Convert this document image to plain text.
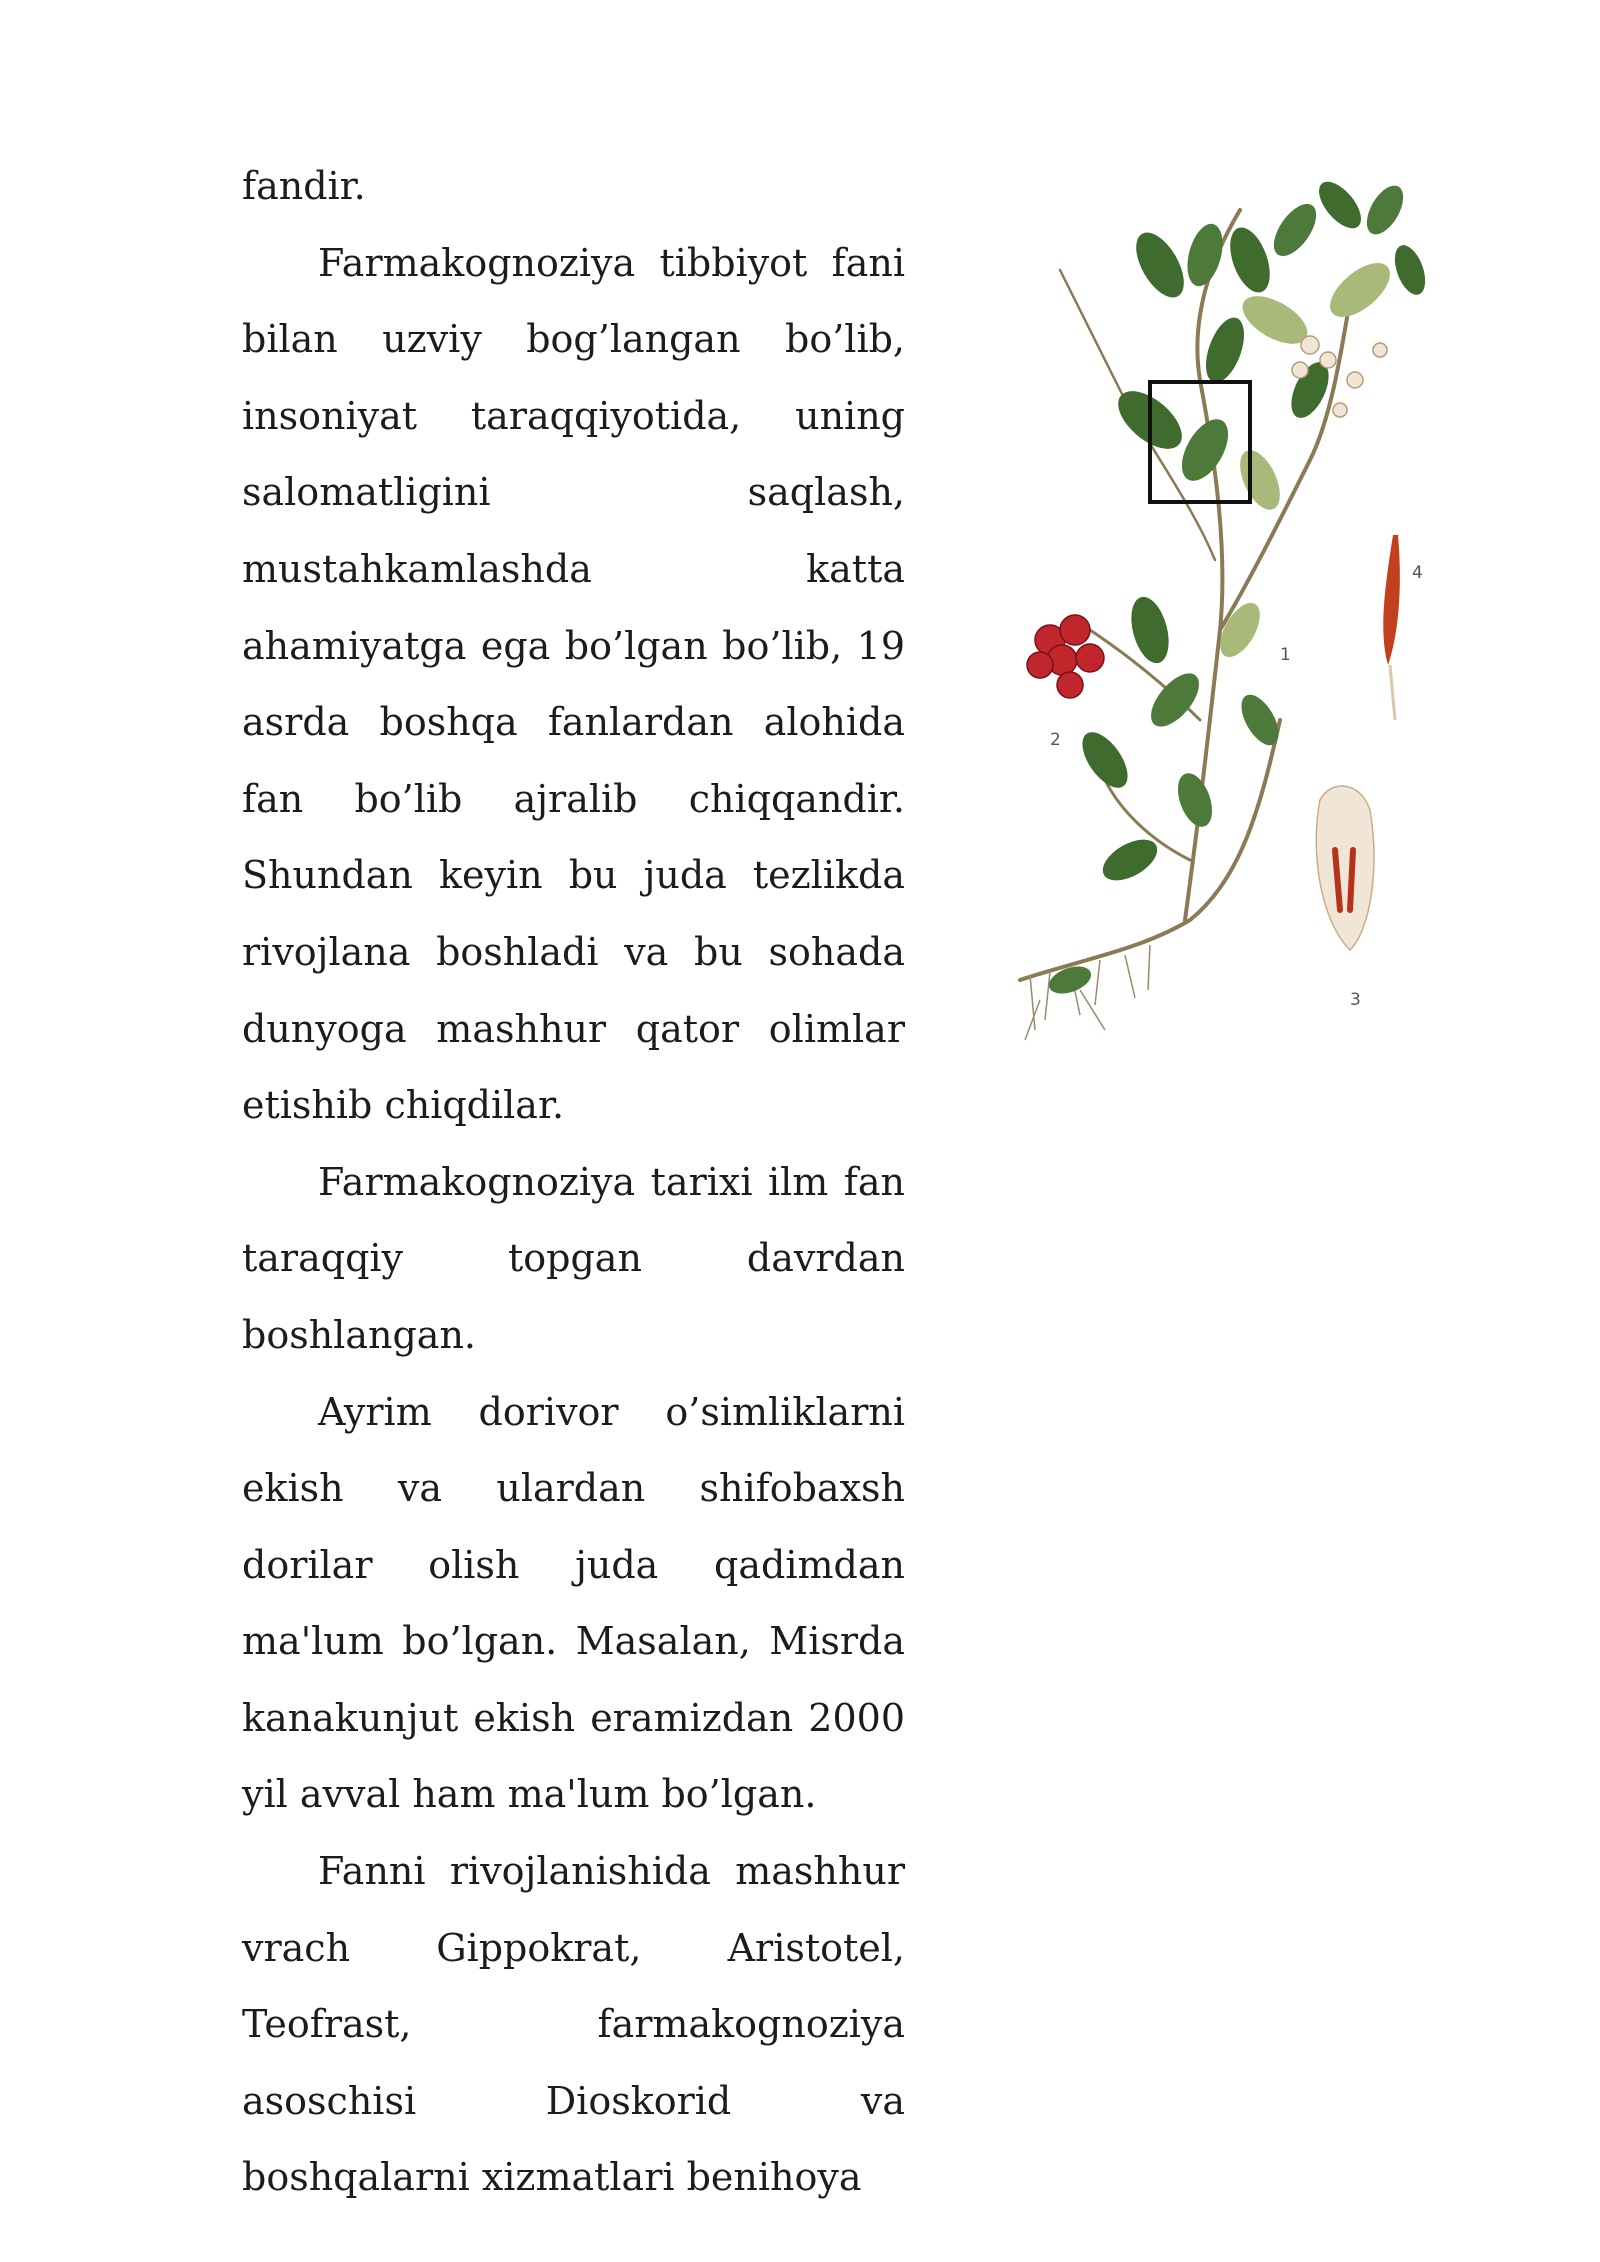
fandir.

Farmakognoziya tibbiyot fani bilan uzviy bog’langan bo’lib, insoniyat taraqqiyotida, uning salomatligini saqlash, mustahkamlashda katta ahamiyatga ega bo’lgan bo’lib, 19 asrda boshqa fanlardan alohida fan bo’lib ajralib chiqqandir. Shundan keyin bu juda tezlikda rivojlana boshladi va bu sohada dunyoga mashhur qator olimlar etishib chiqdilar.

Farmakognoziya tarixi ilm fan taraqqiy topgan davrdan boshlangan.

Ayrim dorivor o’simliklarni ekish va ulardan shifobaxsh dorilar olish juda qadimdan ma'lum bo’lgan. Masalan, Misrda kanakunjut ekish eramizdan 2000 yil avval ham ma'lum bo’lgan.

Fanni rivojlanishida mashhur vrach Gippokrat, Aristotel, Teofrast, farmakognoziya asoschisi Dioskorid va boshqalarni xizmatlari benihoya

1
2
3
4
